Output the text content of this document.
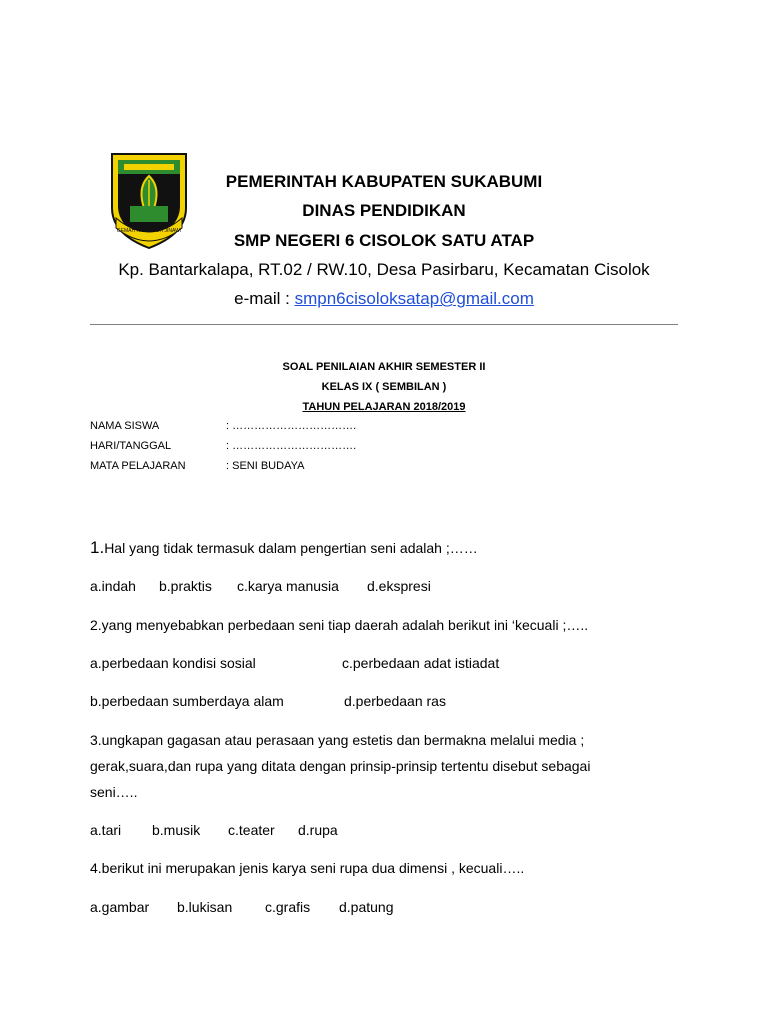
GEMAH RIPAH LOH JINAWI
PEMERINTAH KABUPATEN SUKABUMI
DINAS PENDIDIKAN
SMP NEGERI 6 CISOLOK SATU ATAP
Kp. Bantarkalapa, RT.02 / RW.10, Desa Pasirbaru, Kecamatan Cisolok
e-mail : smpn6cisoloksatap@gmail.com
SOAL PENILAIAN AKHIR SEMESTER II
KELAS IX ( SEMBILAN )
TAHUN PELAJARAN 2018/2019
NAMA SISWA	: …………………………….
HARI/TANGGAL	: …………………………….
MATA PELAJARAN	: SENI BUDAYA
1.Hal yang tidak termasuk dalam pengertian seni adalah ;……
a.indah b.praktis c.karya manusia d.ekspresi
2.yang menyebabkan perbedaan seni tiap daerah adalah berikut ini ‘kecuali ;…..
a.perbedaan kondisi sosial	c.perbedaan adat istiadat
b.perbedaan sumberdaya alam	d.perbedaan ras
3.ungkapan gagasan atau perasaan yang estetis dan bermakna melalui media ;
gerak,suara,dan rupa yang ditata dengan prinsip-prinsip tertentu disebut sebagai
seni…..
a.tari b.musik c.teater d.rupa
4.berikut ini merupakan jenis karya seni rupa dua dimensi , kecuali…..
a.gambar b.lukisan c.grafis d.patung
